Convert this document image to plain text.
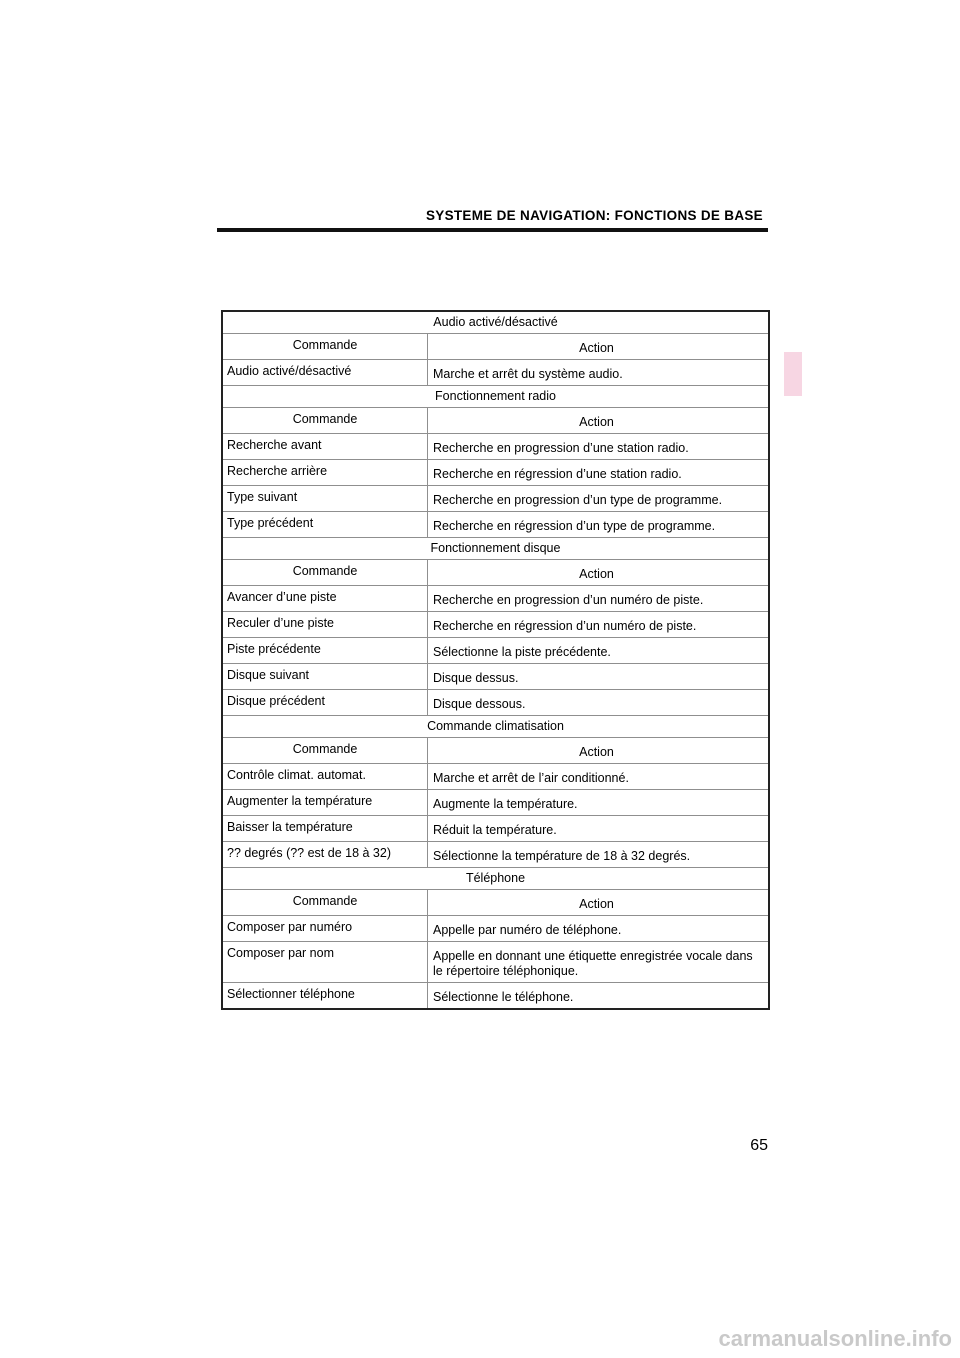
SYSTEME DE NAVIGATION: FONCTIONS DE BASE
Audio activé/désactivé
Commande	Action
Audio activé/désactivé	Marche et arrêt du système audio.
Fonctionnement radio
Commande	Action
Recherche avant	Recherche en progression d’une station radio.
Recherche arrière	Recherche en régression d’une station radio.
Type suivant	Recherche en progression d’un type de programme.
Type précédent	Recherche en régression d’un type de programme.
Fonctionnement disque
Commande	Action
Avancer d’une piste	Recherche en progression d’un numéro de piste.
Reculer d’une piste	Recherche en régression d’un numéro de piste.
Piste précédente	Sélectionne la piste précédente.
Disque suivant	Disque dessus.
Disque précédent	Disque dessous.
Commande climatisation
Commande	Action
Contrôle climat. automat.	Marche et arrêt de l’air conditionné.
Augmenter la température	Augmente la température.
Baisser la température	Réduit la température.
?? degrés (?? est de 18 à 32)	Sélectionne la température de 18 à 32 degrés.
Téléphone
Commande	Action
Composer par numéro	Appelle par numéro de téléphone.
Composer par nom	Appelle en donnant une étiquette enregistrée vocale dans le répertoire téléphonique.
Sélectionner téléphone	Sélectionne le téléphone.
65
carmanualsonline.info
